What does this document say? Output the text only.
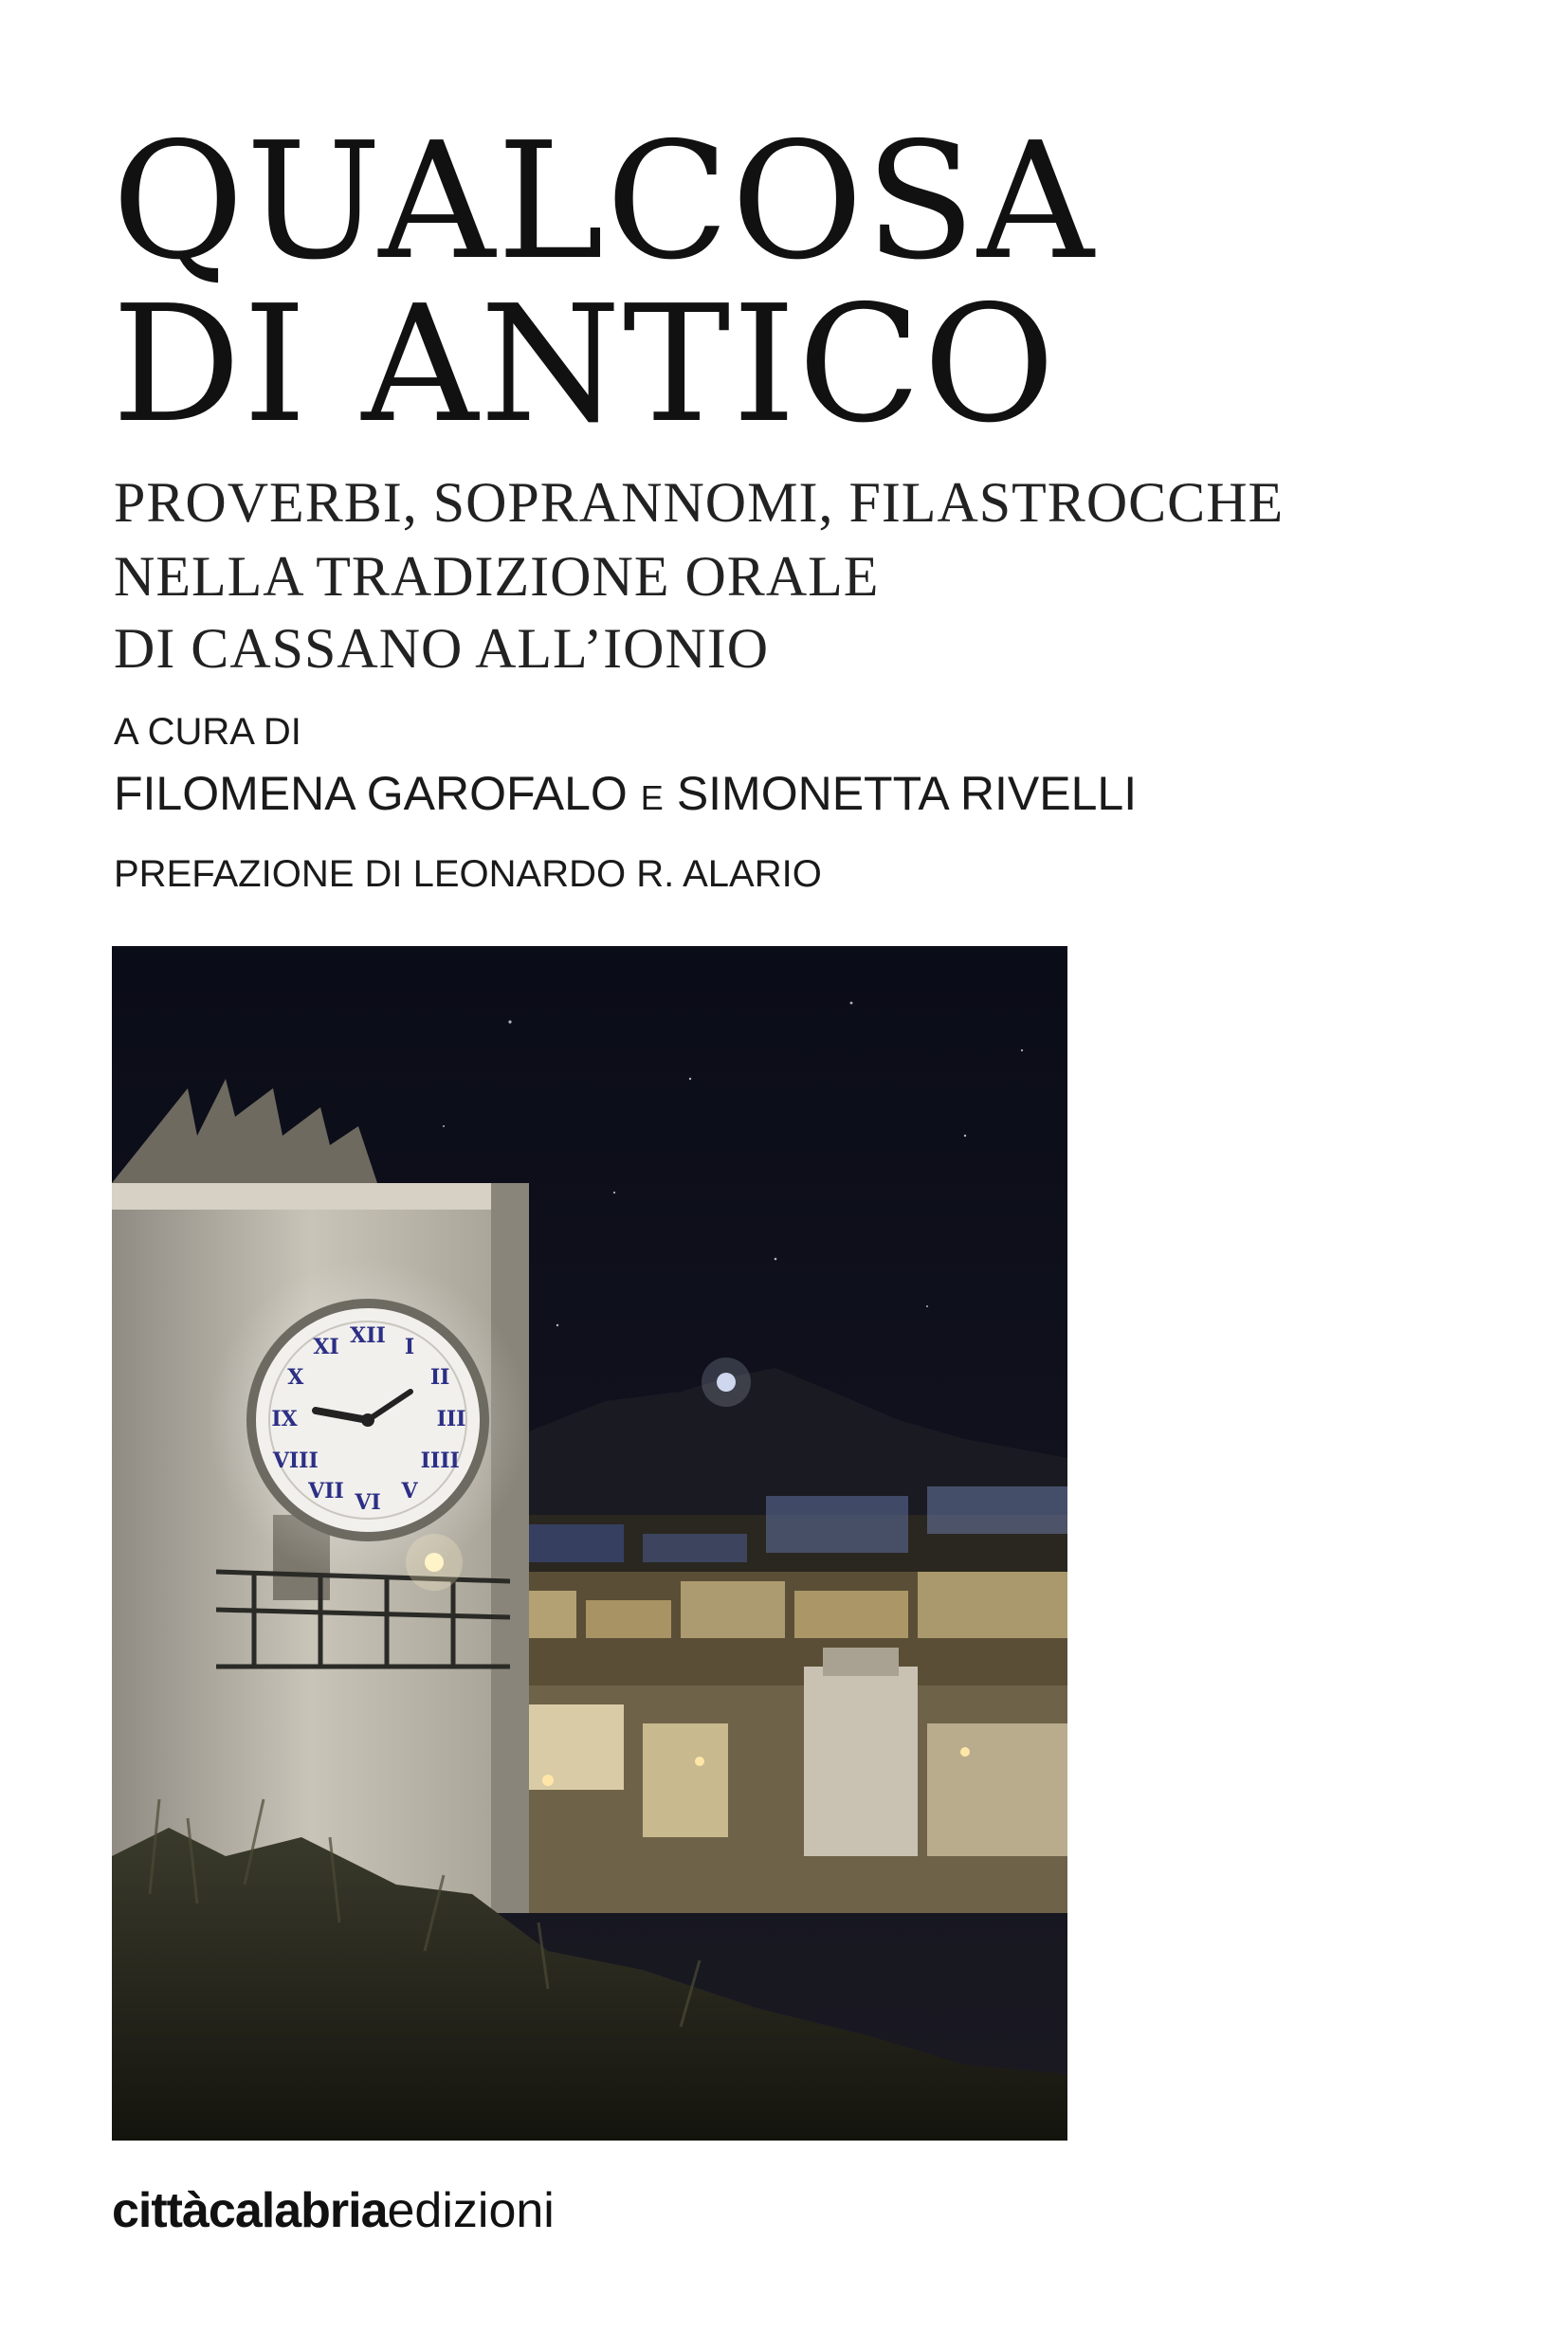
QUALCOSA
DI ANTICO
PROVERBI, SOPRANNOMI, FILASTROCCHE
NELLA TRADIZIONE ORALE
DI CASSANO ALL’IONIO
A CURA DI
FILOMENA GAROFALO E SIMONETTA RIVELLI
PREFAZIONE DI LEONARDO R. ALARIO
XII I
II
III
IIII
V
VI
VII
VIII
IX
X
XI
cittàcalabriaedizioni
